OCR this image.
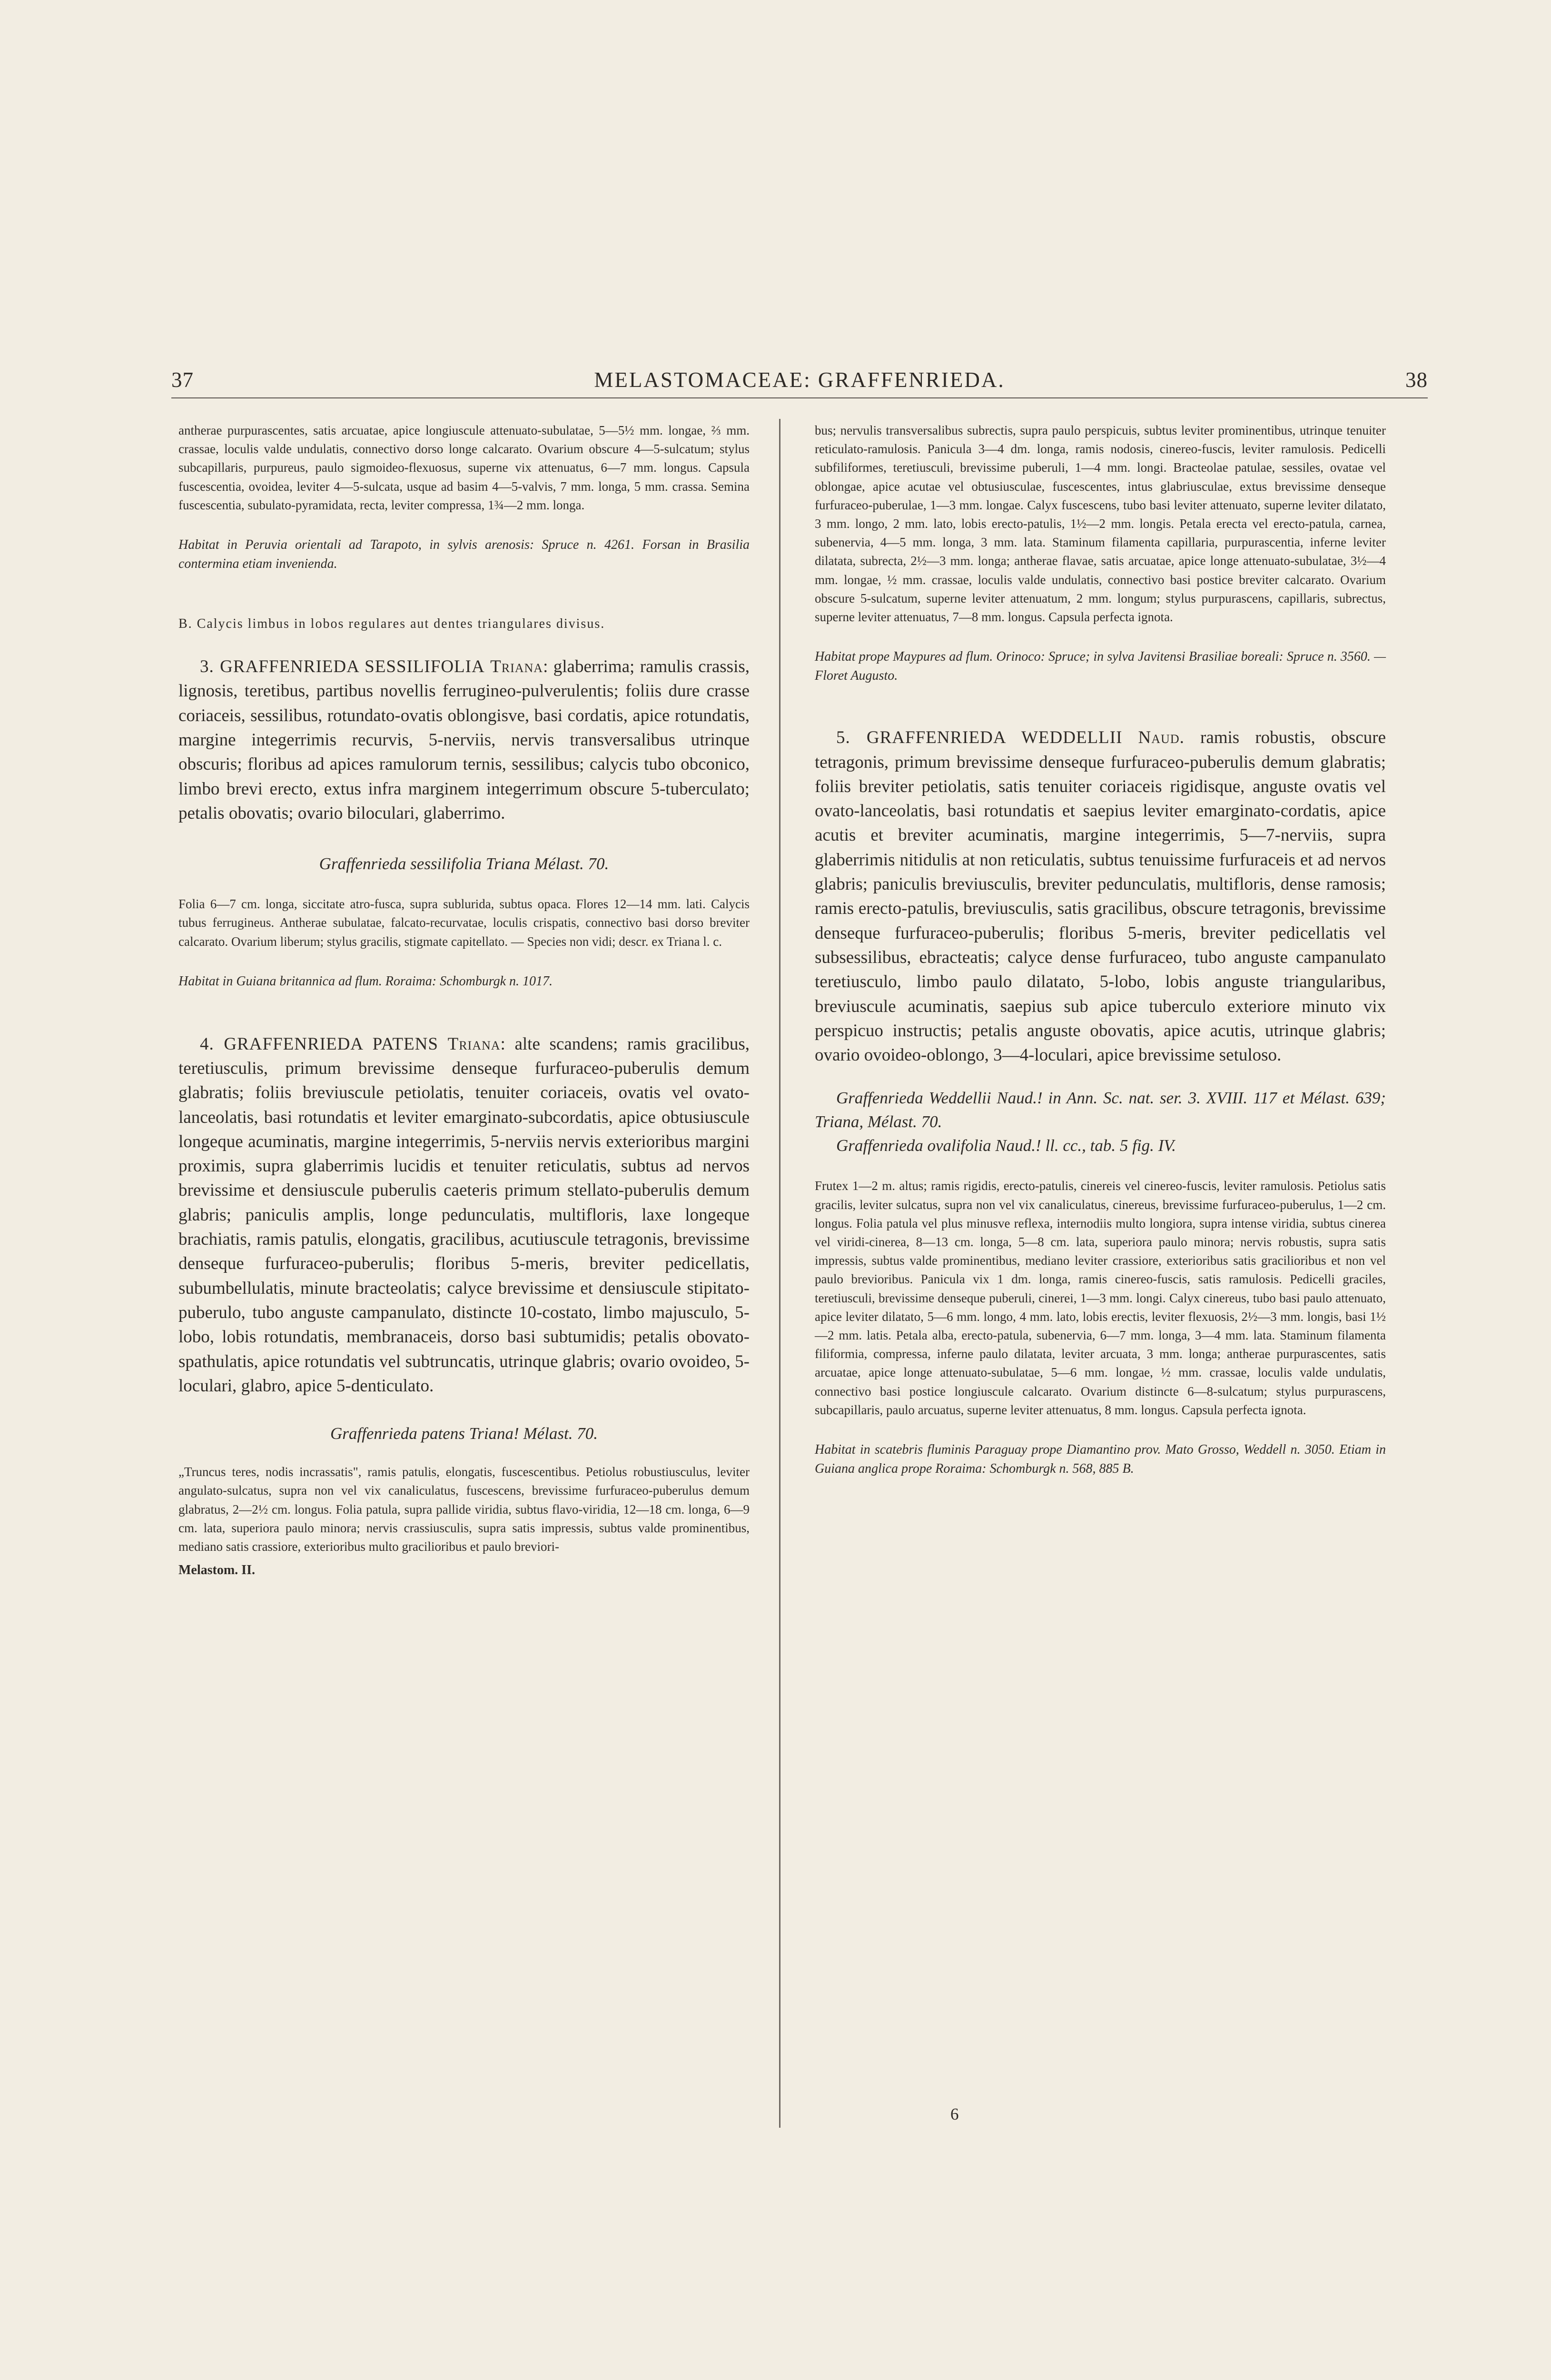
37	MELASTOMACEAE: GRAFFENRIEDA.	38

antherae purpurascentes, satis arcuatae, apice longiuscule attenuato-subulatae, 5—5½ mm. longae, ⅔ mm. crassae, loculis valde undulatis, connectivo dorso longe calcarato. Ovarium obscure 4—5-sulcatum; stylus subcapillaris, purpureus, paulo sigmoideo-flexuosus, superne vix attenuatus, 6—7 mm. longus. Capsula fuscescentia, ovoidea, leviter 4—5-sulcata, usque ad basim 4—5-valvis, 7 mm. longa, 5 mm. crassa. Semina fuscescentia, subulato-pyramidata, recta, leviter compressa, 1¾—2 mm. longa.

Habitat in Peruvia orientali ad Tarapoto, in sylvis arenosis: Spruce n. 4261. Forsan in Brasilia contermina etiam invenienda.

B. Calycis limbus in lobos regulares aut dentes triangulares divisus.

3. GRAFFENRIEDA SESSILIFOLIA Triana: glaberrima; ramulis crassis, lignosis, teretibus, partibus novellis ferrugineo-pulverulentis; foliis dure crasse coriaceis, sessilibus, rotundato-ovatis oblongisve, basi cordatis, apice rotundatis, margine integerrimis recurvis, 5-nerviis, nervis transversalibus utrinque obscuris; floribus ad apices ramulorum ternis, sessilibus; calycis tubo obconico, limbo brevi erecto, extus infra marginem integerrimum obscure 5-tuberculato; petalis obovatis; ovario biloculari, glaberrimo.

Graffenrieda sessilifolia Triana Mélast. 70.

Folia 6—7 cm. longa, siccitate atro-fusca, supra sublurida, subtus opaca. Flores 12—14 mm. lati. Calycis tubus ferrugineus. Antherae subulatae, falcato-recurvatae, loculis crispatis, connectivo basi dorso breviter calcarato. Ovarium liberum; stylus gracilis, stigmate capitellato. — Species non vidi; descr. ex Triana l. c.

Habitat in Guiana britannica ad flum. Roraima: Schomburgk n. 1017.

4. GRAFFENRIEDA PATENS Triana: alte scandens; ramis gracilibus, teretiusculis, primum brevissime denseque furfuraceo-puberulis demum glabratis; foliis breviuscule petiolatis, tenuiter coriaceis, ovatis vel ovato-lanceolatis, basi rotundatis et leviter emarginato-subcordatis, apice obtusiuscule longeque acuminatis, margine integerrimis, 5-nerviis nervis exterioribus margini proximis, supra glaberrimis lucidis et tenuiter reticulatis, subtus ad nervos brevissime et densiuscule puberulis caeteris primum stellato-puberulis demum glabris; paniculis amplis, longe pedunculatis, multifloris, laxe longeque brachiatis, ramis patulis, elongatis, gracilibus, acutiuscule tetragonis, brevissime denseque furfuraceo-puberulis; floribus 5-meris, breviter pedicellatis, subumbellulatis, minute bracteolatis; calyce brevissime et densiuscule stipitato-puberulo, tubo anguste campanulato, distincte 10-costato, limbo majusculo, 5-lobo, lobis rotundatis, membranaceis, dorso basi subtumidis; petalis obovato-spathulatis, apice rotundatis vel subtruncatis, utrinque glabris; ovario ovoideo, 5-loculari, glabro, apice 5-denticulato.

Graffenrieda patens Triana! Mélast. 70.

„Truncus teres, nodis incrassatis", ramis patulis, elongatis, fuscescentibus. Petiolus robustiusculus, leviter angulato-sulcatus, supra non vel vix canaliculatus, fuscescens, brevissime furfuraceo-puberulus demum glabratus, 2—2½ cm. longus. Folia patula, supra pallide viridia, subtus flavo-viridia, 12—18 cm. longa, 6—9 cm. lata, superiora paulo minora; nervis crassiusculis, supra satis impressis, subtus valde prominentibus, mediano satis crassiore, exterioribus multo gracilioribus et paulo breviori-

Melastom. II.

bus; nervulis transversalibus subrectis, supra paulo perspicuis, subtus leviter prominentibus, utrinque tenuiter reticulato-ramulosis. Panicula 3—4 dm. longa, ramis nodosis, cinereo-fuscis, leviter ramulosis. Pedicelli subfiliformes, teretiusculi, brevissime puberuli, 1—4 mm. longi. Bracteolae patulae, sessiles, ovatae vel oblongae, apice acutae vel obtusiusculae, fuscescentes, intus glabriusculae, extus brevissime denseque furfuraceo-puberulae, 1—3 mm. longae. Calyx fuscescens, tubo basi leviter attenuato, superne leviter dilatato, 3 mm. longo, 2 mm. lato, lobis erecto-patulis, 1½—2 mm. longis. Petala erecta vel erecto-patula, carnea, subenervia, 4—5 mm. longa, 3 mm. lata. Staminum filamenta capillaria, purpurascentia, inferne leviter dilatata, subrecta, 2½—3 mm. longa; antherae flavae, satis arcuatae, apice longe attenuato-subulatae, 3½—4 mm. longae, ½ mm. crassae, loculis valde undulatis, connectivo basi postice breviter calcarato. Ovarium obscure 5-sulcatum, superne leviter attenuatum, 2 mm. longum; stylus purpurascens, capillaris, subrectus, superne leviter attenuatus, 7—8 mm. longus. Capsula perfecta ignota.

Habitat prope Maypures ad flum. Orinoco: Spruce; in sylva Javitensi Brasiliae boreali: Spruce n. 3560. — Floret Augusto.

5. GRAFFENRIEDA WEDDELLII Naud. ramis robustis, obscure tetragonis, primum brevissime denseque furfuraceo-puberulis demum glabratis; foliis breviter petiolatis, satis tenuiter coriaceis rigidisque, anguste ovatis vel ovato-lanceolatis, basi rotundatis et saepius leviter emarginato-cordatis, apice acutis et breviter acuminatis, margine integerrimis, 5—7-nerviis, supra glaberrimis nitidulis at non reticulatis, subtus tenuissime furfuraceis et ad nervos glabris; paniculis breviusculis, breviter pedunculatis, multifloris, dense ramosis; ramis erecto-patulis, breviusculis, satis gracilibus, obscure tetragonis, brevissime denseque furfuraceo-puberulis; floribus 5-meris, breviter pedicellatis vel subsessilibus, ebracteatis; calyce dense furfuraceo, tubo anguste campanulato teretiusculo, limbo paulo dilatato, 5-lobo, lobis anguste triangularibus, breviuscule acuminatis, saepius sub apice tuberculo exteriore minuto vix perspicuo instructis; petalis anguste obovatis, apice acutis, utrinque glabris; ovario ovoideo-oblongo, 3—4-loculari, apice brevissime setuloso.

Graffenrieda Weddellii Naud.! in Ann. Sc. nat. ser. 3. XVIII. 117 et Mélast. 639; Triana, Mélast. 70.

Graffenrieda ovalifolia Naud.! ll. cc., tab. 5 fig. IV.

Frutex 1—2 m. altus; ramis rigidis, erecto-patulis, cinereis vel cinereo-fuscis, leviter ramulosis. Petiolus satis gracilis, leviter sulcatus, supra non vel vix canaliculatus, cinereus, brevissime furfuraceo-puberulus, 1—2 cm. longus. Folia patula vel plus minusve reflexa, internodiis multo longiora, supra intense viridia, subtus cinerea vel viridi-cinerea, 8—13 cm. longa, 5—8 cm. lata, superiora paulo minora; nervis robustis, supra satis impressis, subtus valde prominentibus, mediano leviter crassiore, exterioribus satis gracilioribus et non vel paulo brevioribus. Panicula vix 1 dm. longa, ramis cinereo-fuscis, satis ramulosis. Pedicelli graciles, teretiusculi, brevissime denseque puberuli, cinerei, 1—3 mm. longi. Calyx cinereus, tubo basi paulo attenuato, apice leviter dilatato, 5—6 mm. longo, 4 mm. lato, lobis erectis, leviter flexuosis, 2½—3 mm. longis, basi 1½—2 mm. latis. Petala alba, erecto-patula, subenervia, 6—7 mm. longa, 3—4 mm. lata. Staminum filamenta filiformia, compressa, inferne paulo dilatata, leviter arcuata, 3 mm. longa; antherae purpurascentes, satis arcuatae, apice longe attenuato-subulatae, 5—6 mm. longae, ½ mm. crassae, loculis valde undulatis, connectivo basi postice longiuscule calcarato. Ovarium distincte 6—8-sulcatum; stylus purpurascens, subcapillaris, paulo arcuatus, superne leviter attenuatus, 8 mm. longus. Capsula perfecta ignota.

Habitat in scatebris fluminis Paraguay prope Diamantino prov. Mato Grosso, Weddell n. 3050. Etiam in Guiana anglica prope Roraima: Schomburgk n. 568, 885 B.

6
